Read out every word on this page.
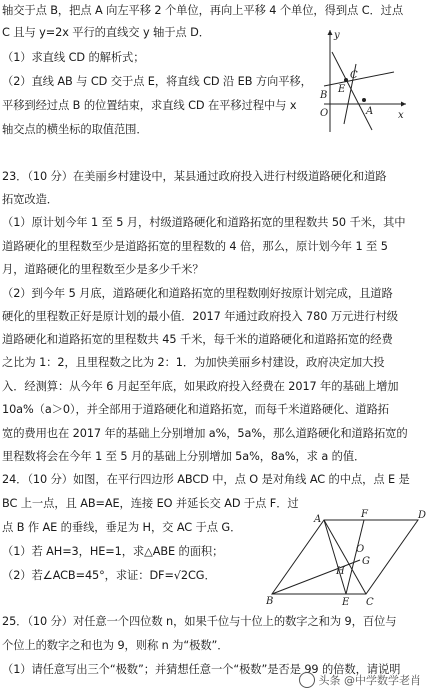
轴交于点 B，把点 A 向左平移 2 个单位，再向上平移 4 个单位，得到点 C．过点
C 且与 y=2x 平行的直线交 y 轴于点 D．
（1）求直线 CD 的解析式；
（2）直线 AB 与 CD 交于点 E，将直线 CD 沿 EB 方向平移，
平移到经过点 B 的位置结束，求直线 CD 在平移过程中与 x
轴交点的横坐标的取值范围．
23．（10 分）在美丽乡村建设中，某县通过政府投入进行村级道路硬化和道路
拓宽改造．
（1）原计划今年 1 至 5 月，村级道路硬化和道路拓宽的里程数共 50 千米，其中
道路硬化的里程数至少是道路拓宽的里程数的 4 倍，那么，原计划今年 1 至 5
月，道路硬化的里程数至少是多少千米？
（2）到今年 5 月底，道路硬化和道路拓宽的里程数刚好按原计划完成，且道路
硬化的里程数正好是原计划的最小值．2017 年通过政府投入 780 万元进行村级
道路硬化和道路拓宽的里程数共 45 千米，每千米的道路硬化和道路拓宽的经费
之比为 1：2，且里程数之比为 2：1．为加快美丽乡村建设，政府决定加大投
入．经测算：从今年 6 月起至年底，如果政府投入经费在 2017 年的基础上增加
10a%（a＞0），并全部用于道路硬化和道路拓宽，而每千米道路硬化、道路拓
宽的费用也在 2017 年的基础上分别增加 a%，5a%，那么道路硬化和道路拓宽的
里程数将会在今年 1 至 5 月的基础上分别增加 5a%，8a%，求 a 的值．
24．（10 分）如图，在平行四边形 ABCD 中，点 O 是对角线 AC 的中点，点 E 是
BC 上一点，且 AB=AE，连接 EO 并延长交 AD 于点 F．过
点 B 作 AE 的垂线，垂足为 H，交 AC 于点 G．
（1）若 AH=3，HE=1，求△ABE 的面积；
（2）若∠ACB=45°，求证：DF=√2CG．
25．（10 分）对任意一个四位数 n，如果千位与十位上的数字之和为 9，百位与
个位上的数字之和也为 9，则称 n 为“极数”．
（1）请任意写出三个“极数”；并猜想任意一个“极数”是否是 99 的倍数，请说明
y
x
O
B
C
E
A
A	F	D
O
G
H
B	E C
头条 @中学数学老肖
